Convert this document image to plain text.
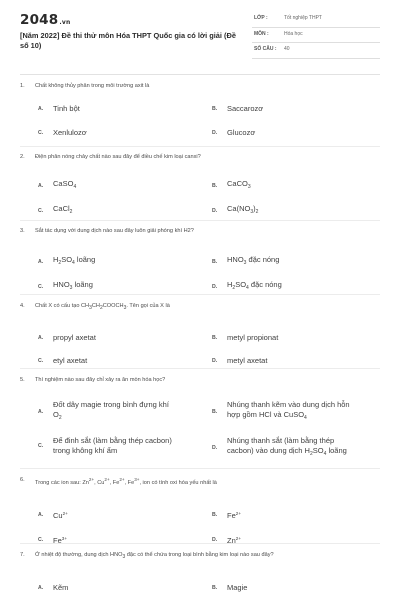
2048.vn
[Năm 2022] Đề thi thử môn Hóa THPT Quốc gia có lời giải (Đề số 10)
LỚP :	Tốt nghiệp THPT
MÔN :	Hóa học
SỐ CÂU : 40
1.	Chất không thủy phân trong môi trường axit là
A.	Tinh bột	B.	Saccarozơ
C.	Xenlulozơ	D.	Glucozơ
2.	Điện phân nóng chảy chất nào sau đây để điều chế kim loại canxi?
A.	CaSO$_4$	B.	CaCO$_3$
C.	CaCl$_2$	D.	$Ca(NO_3)_2$
3.	Sắt tác dụng với dung dịch nào sau đây luôn giải phóng khí H2?
A.	$H_2SO_4$ loãng	B.	$HNO_3$ đặc nóng
C.	$HNO_3$ loãng	D.	$H_2SO_4$ đặc nóng
4.	Chất X có cấu tạo CH3CH2COOCH3. Tên gọi của X là
A.	propyl axetat	B.	metyl propionat
C.	etyl axetat	D.	metyl axetat
5.	Thí nghiệm nào sau đây chỉ xảy ra ăn mòn hóa học?
A.
Đốt dây magie trong bình đựng khí
$O_2$
B.
Nhúng thanh kẽm vào dung dịch hỗn
hợp gồm HCl và CuSO$_4$
C.
Để đinh sắt (làm bằng thép cacbon)
trong không khí ẩm	D.
Nhúng thanh sắt (làm bằng thép
cacbon) vào dung dịch $H_2SO_4$ loãng
6.	Trong các ion sau: $Zn^{2+}$, $Cu^{2+}$, $Fe^{2+}$, $Fe^{3+}$, ion có tính oxi hóa yếu nhất là
A.	$Cu^{2+}$	B.	$Fe^{2+}$
C.	$Fe^{3+}$	D.	$Zn^{2+}$
7.	Ở nhiệt độ thường, dung dịch HNO3 đặc có thể chứa trong loại bình bằng kim loại nào sau đây?
A.	Kẽm	B.	Magie
